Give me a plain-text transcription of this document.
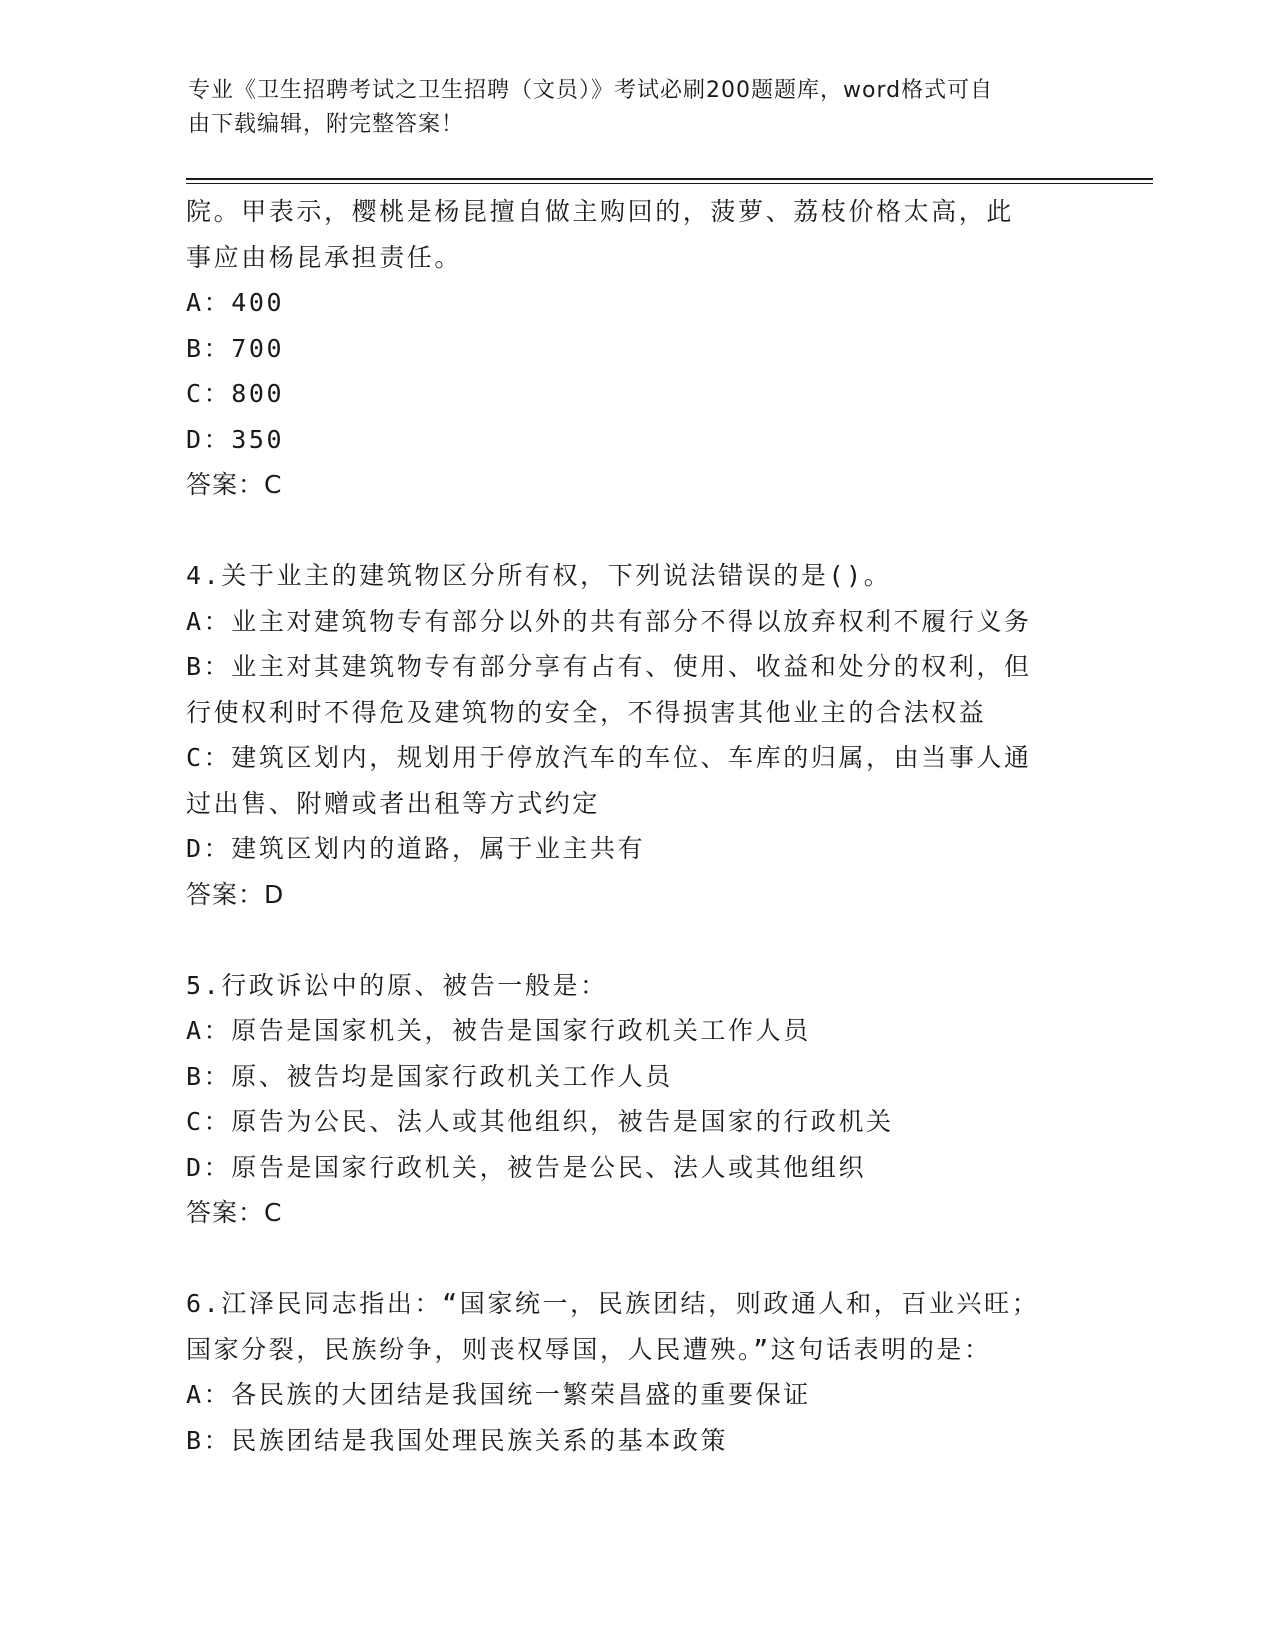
专业《卫生招聘考试之卫生招聘（文员）》考试必刷200题题库，word格式可自
由下载编辑，附完整答案！
院。甲表示，樱桃是杨昆擅自做主购回的，菠萝、荔枝价格太高，此
事应由杨昆承担责任。
A：400
B：700
C：800
D：350
答案：C
4.关于业主的建筑物区分所有权，下列说法错误的是()。
A：业主对建筑物专有部分以外的共有部分不得以放弃权利不履行义务
B：业主对其建筑物专有部分享有占有、使用、收益和处分的权利，但
行使权利时不得危及建筑物的安全，不得损害其他业主的合法权益
C：建筑区划内，规划用于停放汽车的车位、车库的归属，由当事人通
过出售、附赠或者出租等方式约定
D：建筑区划内的道路，属于业主共有
答案：D
5.行政诉讼中的原、被告一般是：
A：原告是国家机关，被告是国家行政机关工作人员
B：原、被告均是国家行政机关工作人员
C：原告为公民、法人或其他组织，被告是国家的行政机关
D：原告是国家行政机关，被告是公民、法人或其他组织
答案：C
6.江泽民同志指出：“国家统一，民族团结，则政通人和，百业兴旺；
国家分裂，民族纷争，则丧权辱国，人民遭殃。”这句话表明的是：
A：各民族的大团结是我国统一繁荣昌盛的重要保证
B：民族团结是我国处理民族关系的基本政策
